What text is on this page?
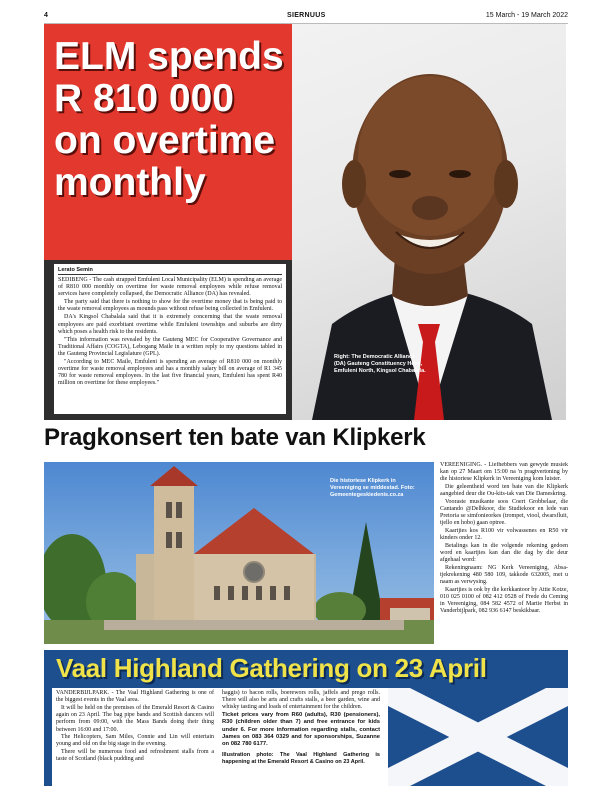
4	SIERNUUS	15 March - 19 March 2022
ELM spends
R 810 000
on overtime
monthly
Lerato Semin

SEDIBENG - The cash strapped Emfuleni Local Municipality (ELM) is spending an average of R810 000 monthly on overtime for waste removal employees while refuse removal services have completely collapsed, the Democratic Alliance (DA) has revealed.

The party said that there is nothing to show for the overtime money that is being paid to the waste removal employees as mounds pass without refuse being collected in Emfuleni.

DA's Kingsol Chabalala said that it is extremely concerning that the waste removal employees are paid exorbitant overtime while Emfuleni townships and suburbs are dirty which poses a health risk to the residents.

"This information was revealed by the Gauteng MEC for Cooperative Governance and Traditional Affairs (COGTA), Lebogang Maile in a written reply to my questions tabled in the Gauteng Provincial Legislature (GPL).

"According to MEC Maile, Emfuleni is spending an average of R810 000 on monthly overtime for waste removal employees and has a monthly salary bill on average of R1 345 780 for waste removal employees. In the last five financial years, Emfuleni has spent R40 million on overtime for these employees."

Right: The Democratic Alliance (DA) Gauteng Constituency Head, Emfuleni North, Kingsol Chabalala.
Pragkonsert ten bate van Klipkerk
Die historiese Klipkerk in Vereeniging se middestad. Foto: Gemeentegeskiedenis.co.za

VEREENIGING. - Liefhebbers van gewyde musiek kan op 27 Maart om 15:00 na 'n pragtvertoning by die historiese Klipkerk in Vereeniging kom luister.

Die geleentheid word ten bate van die Klipkerk aangebied deur die Ou-kits-tak van Die Dameskring.

Vooraste musikante soos Coert Grobbelaar, die Cantando @Delhkoor, die Studiekoor en lede van Pretoria se simfonieorkes (trompet, viool, dwarsfluit, tjello en hobo) gaan optree.

Kaartjies kos R100 vir volwassenes en R50 vir kinders onder 12.

Betalings kan in die volgende rekening gedoen word en kaartjies kan dan die dag by die deur afgehaal word:

Rekeningnaam: NG Kerk Vereeniging, Absa-tjekrekening 480 580 109, takkode 632005, met u naam as verwysing.

Kaartjies is ook by die kerkkantoor by Attie Kotze, 010 025 0100 of 082 412 0528 of Frede du Ceming in Vereeniging, 084 582 4572 of Martie Herbst in Vanderbijlpark, 082 936 6147 beskikbaar.

Vaal Highland Gathering on 23 April

VANDERBIJLPARK. - The Vaal Highland Gathering is one of the biggest events in the Vaal area.

It will be held on the premises of the Emerald Resort & Casino again on 23 April. The bag pipe bands and Scottish dancers will perform from 09:00, with the Mass Bands doing their thing between 16:00 and 17:00.

The Helicopters, Sam Miles, Connie and Lin will entertain young and old on the big stage in the evening.

There will be numerous food and refreshment stalls from a taste of Scotland (black pudding and

haggis) to bacon rolls, boerewors rolls, jaffels and prego rolls. There will also be arts and crafts stalls, a beer garden, wine and whisky tasting and loads of entertainment for the children.

Ticket prices vary from R60 (adults), R30 (pensioners), R30 (children older than 7) and free entrance for kids under 6. For more information regarding stalls, contact James on 083 364 0329 and for sponsorships, Suzanne on 082 780 6177.

Illustration photo: The Vaal Highland Gathering is happening at the Emerald Resort & Casino on 23 April.
